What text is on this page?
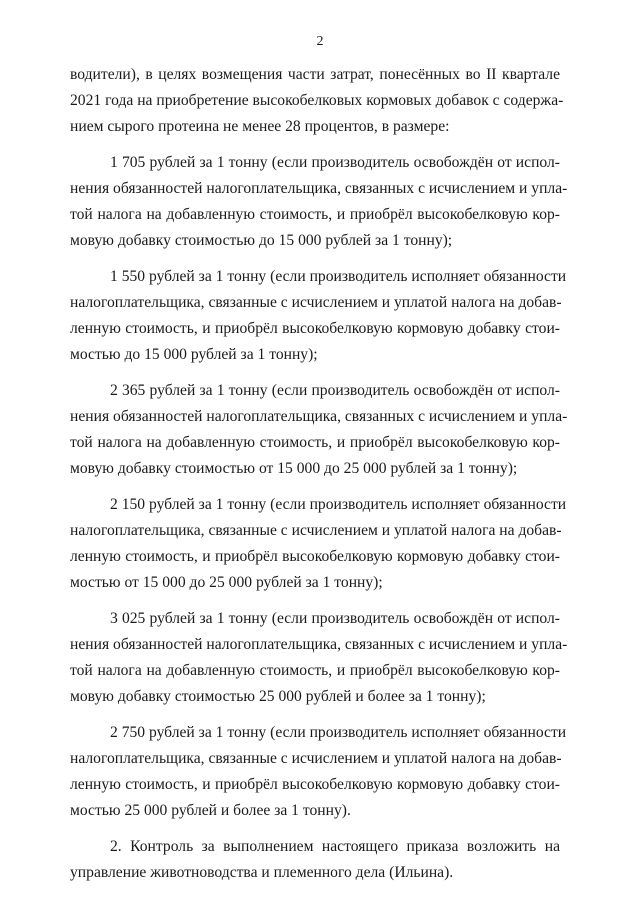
2
водители), в целях возмещения части затрат, понесённых во II квартале
2021 года на приобретение высокобелковых кормовых добавок с содержа-
нием сырого протеина не менее 28 процентов, в размере:
1 705 рублей за 1 тонну (если производитель освобождён от испол-
нения обязанностей налогоплательщика, связанных с исчислением и упла-
той налога на добавленную стоимость, и приобрёл высокобелковую кор-
мовую добавку стоимостью до 15 000 рублей за 1 тонну);
1 550 рублей за 1 тонну (если производитель исполняет обязанности
налогоплательщика, связанные с исчислением и уплатой налога на добав-
ленную стоимость, и приобрёл высокобелковую кормовую добавку стои-
мостью до 15 000 рублей за 1 тонну);
2 365 рублей за 1 тонну (если производитель освобождён от испол-
нения обязанностей налогоплательщика, связанных с исчислением и упла-
той налога на добавленную стоимость, и приобрёл высокобелковую кор-
мовую добавку стоимостью от 15 000 до 25 000 рублей за 1 тонну);
2 150 рублей за 1 тонну (если производитель исполняет обязанности
налогоплательщика, связанные с исчислением и уплатой налога на добав-
ленную стоимость, и приобрёл высокобелковую кормовую добавку стои-
мостью от 15 000 до 25 000 рублей за 1 тонну);
3 025 рублей за 1 тонну (если производитель освобождён от испол-
нения обязанностей налогоплательщика, связанных с исчислением и упла-
той налога на добавленную стоимость, и приобрёл высокобелковую кор-
мовую добавку стоимостью 25 000 рублей и более за 1 тонну);
2 750 рублей за 1 тонну (если производитель исполняет обязанности
налогоплательщика, связанные с исчислением и уплатой налога на добав-
ленную стоимость, и приобрёл высокобелковую кормовую добавку стои-
мостью 25 000 рублей и более за 1 тонну).
2. Контроль за выполнением настоящего приказа возложить на
управление животноводства и племенного дела (Ильина).
